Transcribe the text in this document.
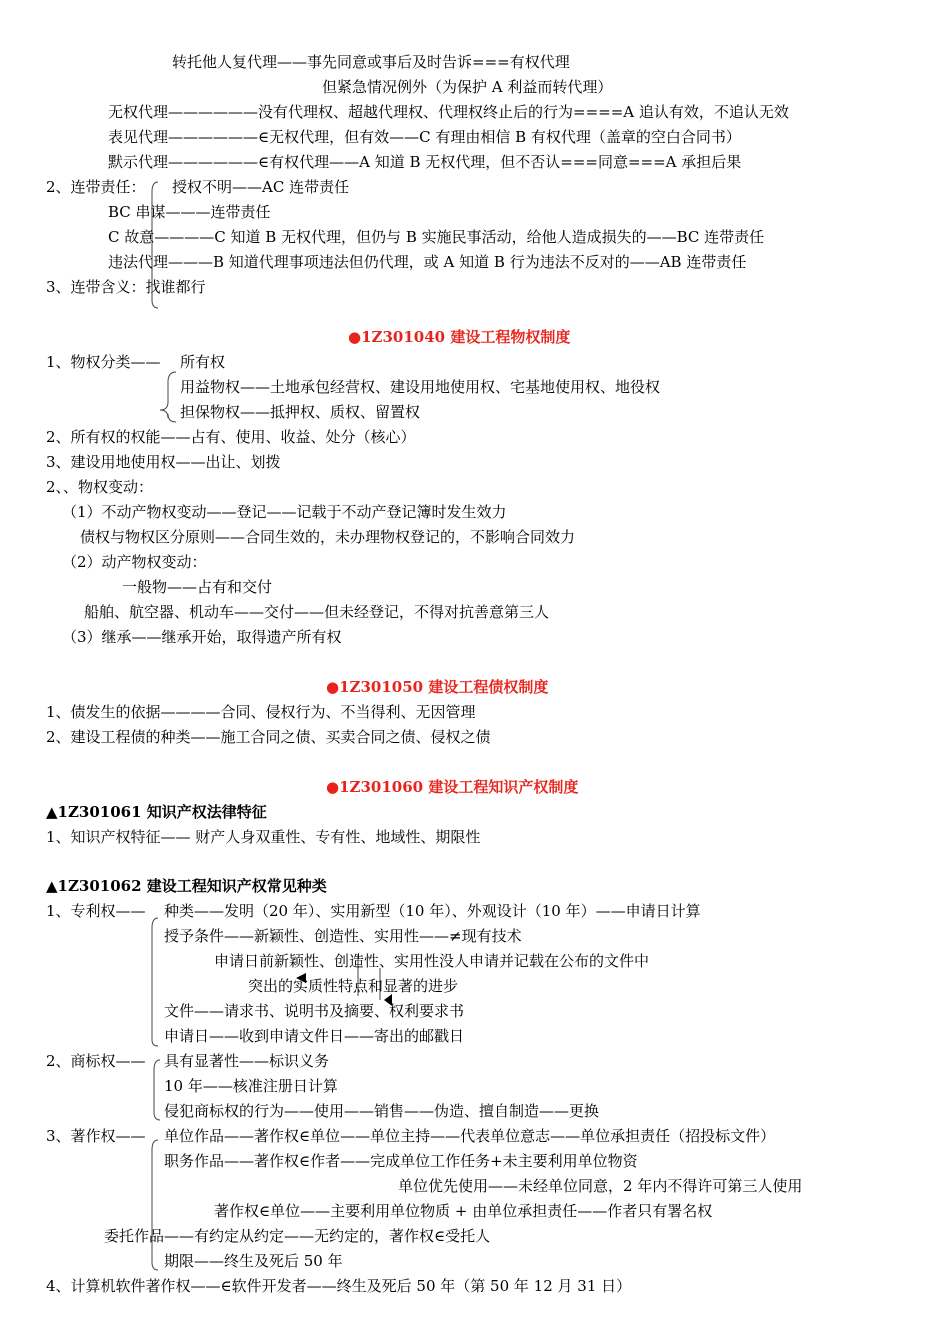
转托他人复代理——事先同意或事后及时告诉===有权代理
但紧急情况例外（为保护 A 利益而转代理）
无权代理——————没有代理权、超越代理权、代理权终止后的行为====A 追认有效，不追认无效
表见代理——————∈无权代理，但有效——C 有理由相信 B 有权代理（盖章的空白合同书）
默示代理——————∈有权代理——A 知道 B 无权代理，但不否认===同意===A 承担后果
2、连带责任： 授权不明——AC 连带责任
BC 串谋———连带责任
C 故意————C 知道 B 无权代理，但仍与 B 实施民事活动，给他人造成损失的——BC 连带责任
违法代理———B 知道代理事项违法但仍代理，或 A 知道 B 行为违法不反对的——AB 连带责任
3、连带含义：找谁都行
●1Z301040 建设工程物权制度
1、物权分类—— 所有权
用益物权——土地承包经营权、建设用地使用权、宅基地使用权、地役权
担保物权——抵押权、质权、留置权
2、所有权的权能——占有、使用、收益、处分（核心）
3、建设用地使用权——出让、划拨
2、、物权变动：
（1）不动产物权变动——登记——记载于不动产登记簿时发生效力
债权与物权区分原则——合同生效的，未办理物权登记的，不影响合同效力
（2）动产物权变动：
一般物——占有和交付
船舶、航空器、机动车——交付——但未经登记，不得对抗善意第三人
（3）继承——继承开始，取得遗产所有权
●1Z301050 建设工程债权制度
1、债发生的依据————合同、侵权行为、不当得利、无因管理
2、建设工程债的种类——施工合同之债、买卖合同之债、侵权之债
●1Z301060 建设工程知识产权制度
▲1Z301061 知识产权法律特征
1、知识产权特征—— 财产人身双重性、专有性、地域性、期限性
▲1Z301062 建设工程知识产权常见种类
1、专利权—— 种类——发明（20 年）、实用新型（10 年）、外观设计（10 年）——申请日计算
授予条件——新颖性、创造性、实用性——≠现有技术
申请日前新颖性、创造性、实用性没人申请并记载在公布的文件中
突出的实质性特点和显著的进步
文件——请求书、说明书及摘要、权利要求书
申请日——收到申请文件日——寄出的邮戳日
2、商标权—— 具有显著性——标识义务
10 年——核准注册日计算
侵犯商标权的行为——使用——销售——伪造、擅自制造——更换
3、著作权—— 单位作品——著作权∈单位——单位主持——代表单位意志——单位承担责任（招投标文件）
职务作品——著作权∈作者——完成单位工作任务+未主要利用单位物资
单位优先使用——未经单位同意，2 年内不得许可第三人使用
著作权∈单位——主要利用单位物质 + 由单位承担责任——作者只有署名权
委托作品——有约定从约定——无约定的，著作权∈受托人
期限——终生及死后 50 年
4、计算机软件著作权——∈软件开发者——终生及死后 50 年（第 50 年 12 月 31 日）
